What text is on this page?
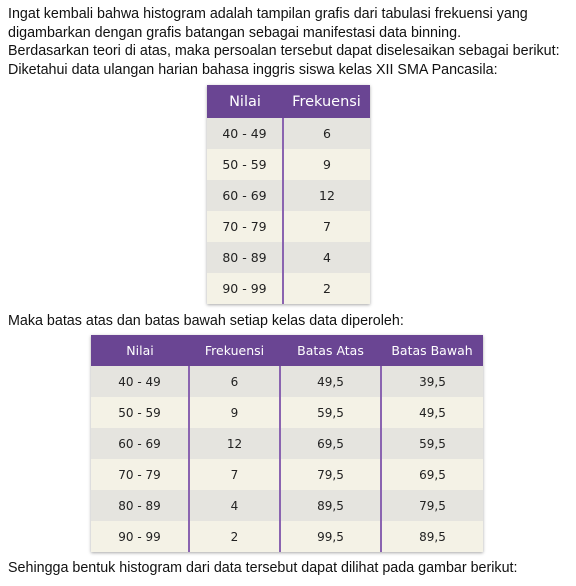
Ingat kembali bahwa histogram adalah tampilan grafis dari tabulasi frekuensi yang
digambarkan dengan grafis batangan sebagai manifestasi data binning.
Berdasarkan teori di atas, maka persoalan tersebut dapat diselesaikan sebagai berikut:
Diketahui data ulangan harian bahasa inggris siswa kelas XII SMA Pancasila:
Nilai	Frekuensi
40 - 49	6
50 - 59	9
60 - 69	12
70 - 79	7
80 - 89	4
90 - 99	2
Maka batas atas dan batas bawah setiap kelas data diperoleh:
Nilai	Frekuensi	Batas Atas	Batas Bawah
40 - 49	6	49,5	39,5
50 - 59	9	59,5	49,5
60 - 69	12	69,5	59,5
70 - 79	7	79,5	69,5
80 - 89	4	89,5	79,5
90 - 99	2	99,5	89,5
Sehingga bentuk histogram dari data tersebut dapat dilihat pada gambar berikut:
